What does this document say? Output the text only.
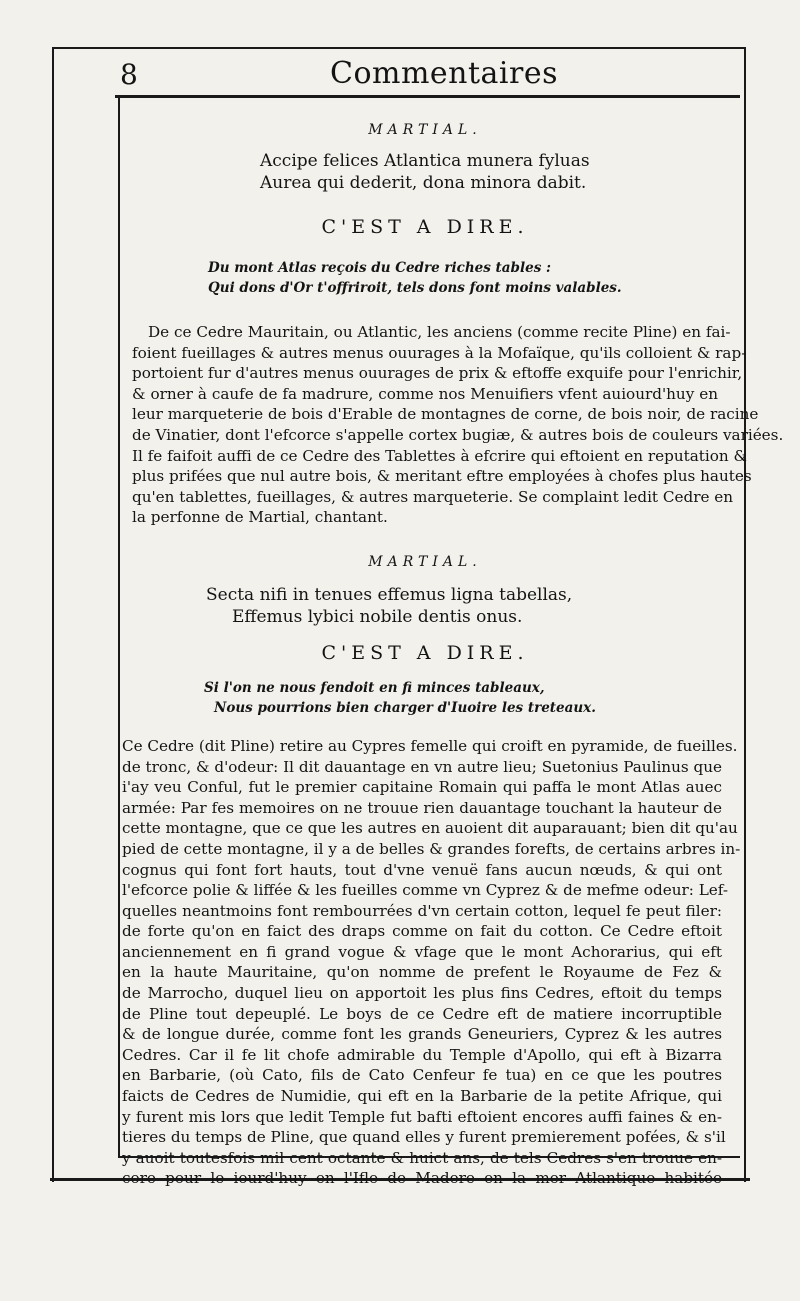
8	Commentaires
MARTIAL.
Accipe felices Atlantica munera fyluas
Aurea qui dederit, dona minora dabit.
C'EST A DIRE.
Du mont Atlas reçois du Cedre riches tables :
Qui dons d'Or t'offriroit, tels dons font moins valables.
De ce Cedre Mauritain, ou Atlantic, les anciens (comme recite Pline) en fai-
foient fueillages & autres menus ouurages à la Mofaïque, qu'ils colloient & rap-
portoient fur d'autres menus ouurages de prix & eftoffe exquife pour l'enrichir,
& orner à caufe de fa madrure, comme nos Menuifiers vfent auiourd'huy en
leur marqueterie de bois d'Erable de montagnes de corne, de bois noir, de racine
de Vinatier, dont l'efcorce s'appelle cortex bugiæ, & autres bois de couleurs variées.
Il fe faifoit auffi de ce Cedre des Tablettes à efcrire qui eftoient en reputation &
plus prifées que nul autre bois, & meritant eftre employées à chofes plus hautes
qu'en tablettes, fueillages, & autres marqueterie. Se complaint ledit Cedre en
la perfonne de Martial, chantant.
MARTIAL.
Secta nifi in tenues effemus ligna tabellas,
Effemus lybici nobile dentis onus.
C'EST A DIRE.
Si l'on ne nous fendoit en fi minces tableaux,
Nous pourrions bien charger d'Iuoire les treteaux.
Ce Cedre (dit Pline) retire au Cypres femelle qui croift en pyramide, de fueilles.
de tronc, & d'odeur: Il dit dauantage en vn autre lieu; Suetonius Paulinus que
i'ay veu Conful, fut le premier capitaine Romain qui paffa le mont Atlas auec
armée: Par fes memoires on ne trouue rien dauantage touchant la hauteur de
cette montagne, que ce que les autres en auoient dit auparauant; bien dit qu'au
pied de cette montagne, il y a de belles & grandes forefts, de certains arbres in-
cognus qui font fort hauts, tout d'vne venuë fans aucun nœuds, & qui ont
l'efcorce polie & liffée & les fueilles comme vn Cyprez & de mefme odeur: Lef-
quelles neantmoins font rembourrées d'vn certain cotton, lequel fe peut filer:
de forte qu'on en faict des draps comme on fait du cotton. Ce Cedre eftoit
anciennement en fi grand vogue & vfage que le mont Achorarius, qui eft
en la haute Mauritaine, qu'on nomme de prefent le Royaume de Fez &
de Marrocho, duquel lieu on apportoit les plus fins Cedres, eftoit du temps
de Pline tout depeuplé. Le boys de ce Cedre eft de matiere incorruptible
& de longue durée, comme font les grands Geneuriers, Cyprez & les autres
Cedres. Car il fe lit chofe admirable du Temple d'Apollo, qui eft à Bizarra
en Barbarie, (où Cato, fils de Cato Cenfeur fe tua) en ce que les poutres
faicts de Cedres de Numidie, qui eft en la Barbarie de la petite Afrique, qui
y furent mis lors que ledit Temple fut bafti eftoient encores auffi faines & en-
tieres du temps de Pline, que quand elles y furent premierement pofées, & s'il
y auoit toutesfois mil cent octante & huict ans, de tels Cedres s'en trouue en-
core pour le iourd'huy en l'Ifle de Madere en la mer Atlantique habitée
